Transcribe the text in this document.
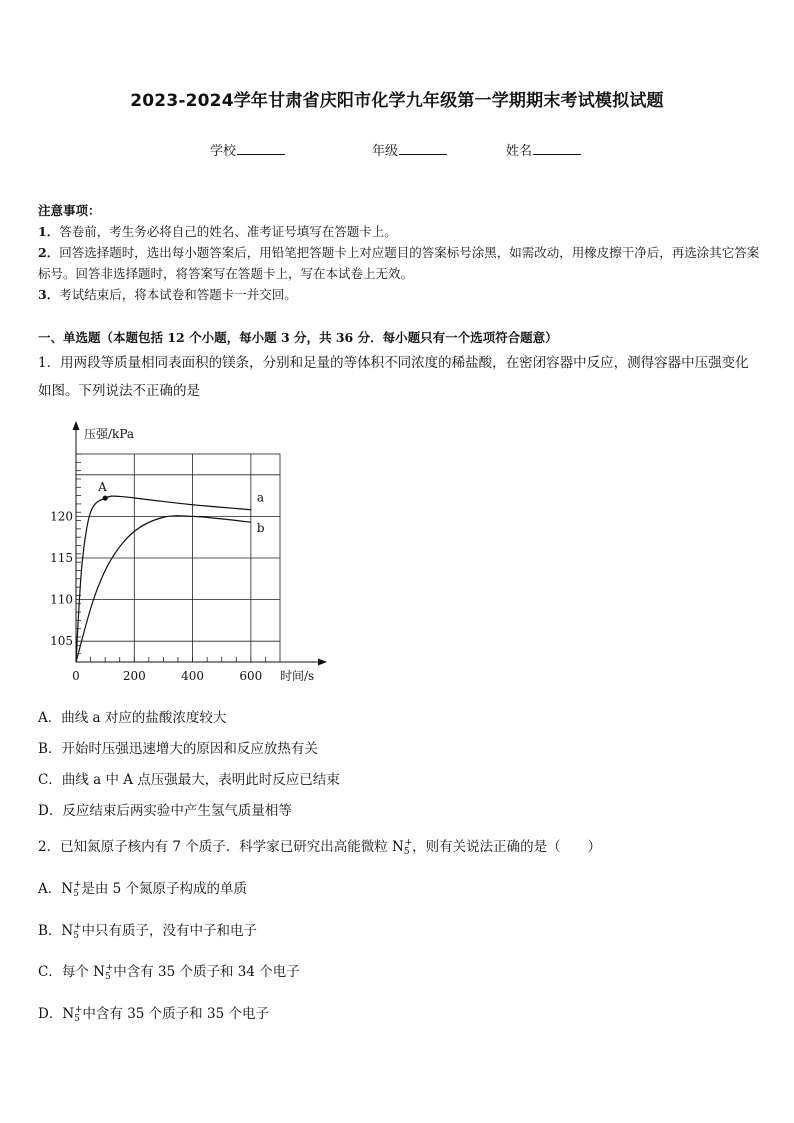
2023-2024学年甘肃省庆阳市化学九年级第一学期期末考试模拟试题
学校	年级	姓名
注意事项：
1．答卷前，考生务必将自己的姓名、准考证号填写在答题卡上。
2．回答选择题时，选出每小题答案后，用铅笔把答题卡上对应题目的答案标号涂黑，如需改动，用橡皮擦干净后，再选涂其它答案标号。回答非选择题时，将答案写在答题卡上，写在本试卷上无效。
3．考试结束后，将本试卷和答题卡一并交回。
一、单选题（本题包括 12 个小题，每小题 3 分，共 36 分．每小题只有一个选项符合题意）
1．用两段等质量相同表面积的镁条，分别和足量的等体积不同浓度的稀盐酸，在密闭容器中反应，测得容器中压强变化如图。下列说法不正确的是
105
110
115
120
0	200	400	600
压强/kPa
时间/s
a
b
A
A．曲线 a 对应的盐酸浓度较大
B．开始时压强迅速增大的原因和反应放热有关
C．曲线 a 中 A 点压强最大，表明此时反应已结束
D．反应结束后两实验中产生氢气质量相等
2．已知氮原子核内有 7 个质子．科学家已研究出高能微粒 $N_5^+$，则有关说法正确的是（　　）
A．$N_5^+$是由 5 个氮原子构成的单质
B．$N_5^+$中只有质子，没有中子和电子
C．每个 $N_5^+$中含有 35 个质子和 34 个电子
D．$N_5^+$中含有 35 个质子和 35 个电子
